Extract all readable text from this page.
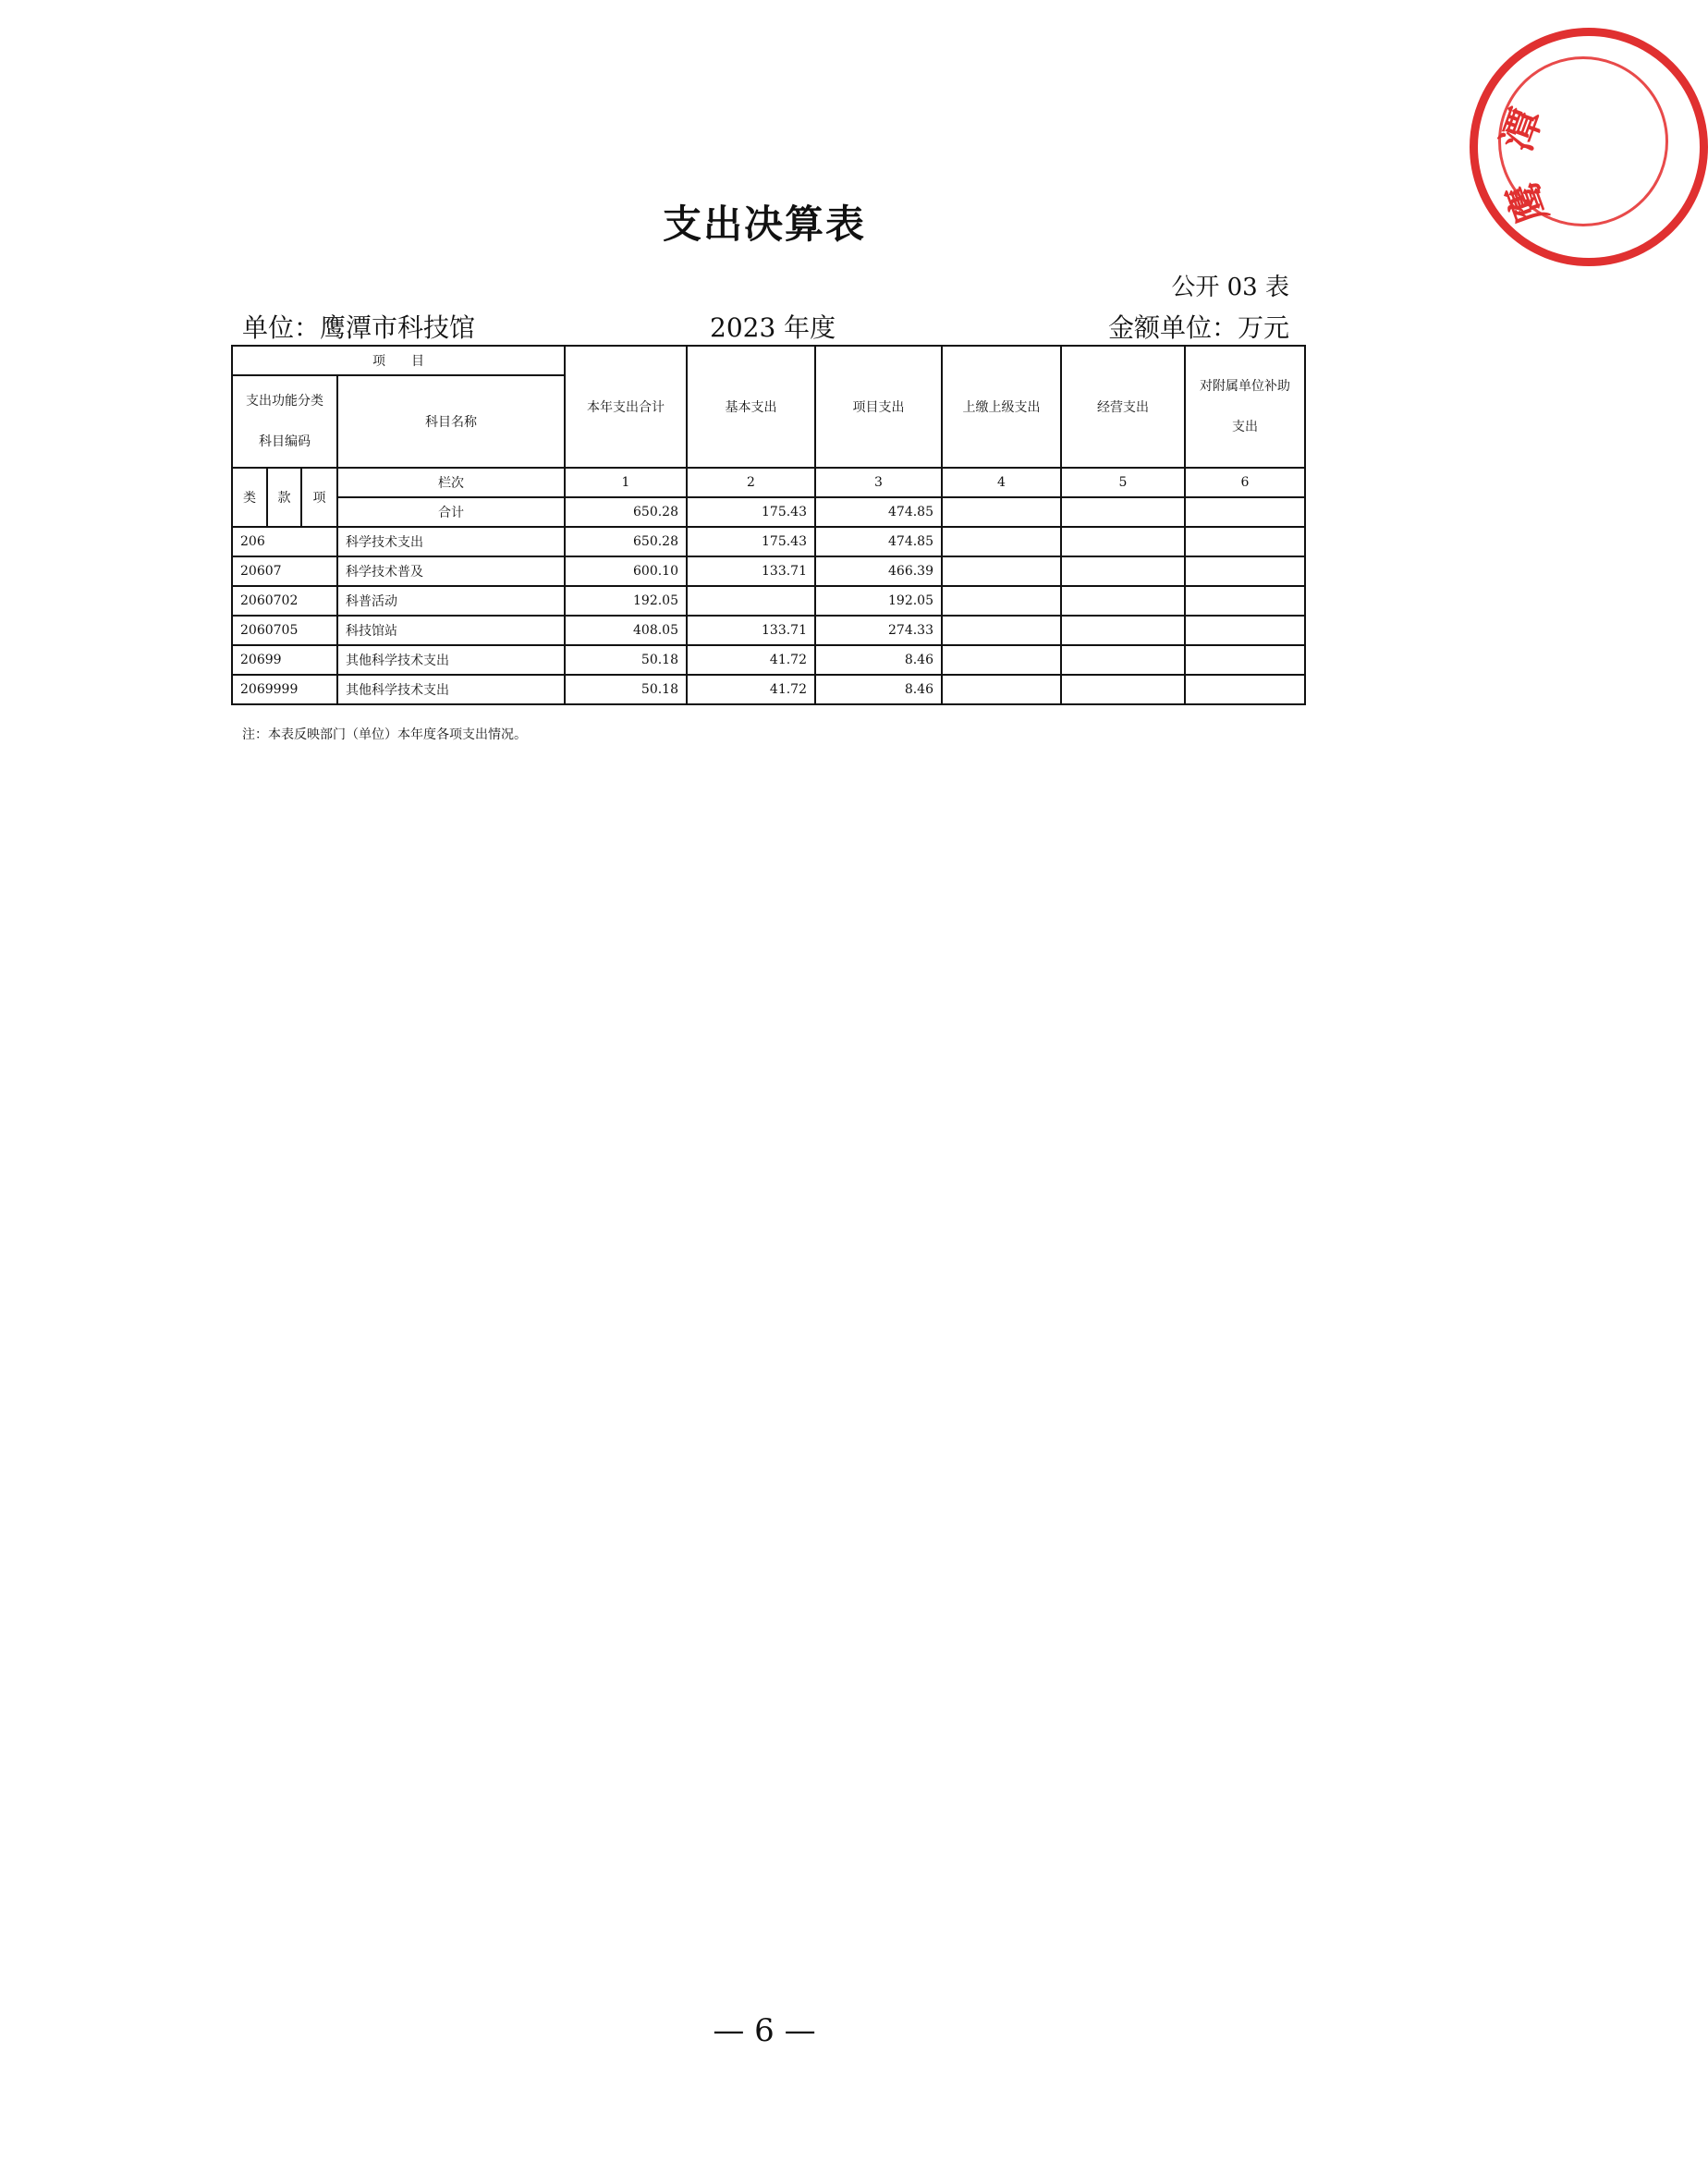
支出决算表
公开 03 表
单位：鹰潭市科技馆	2023 年度	金额单位：万元
项　　目				本年支出合计	基本支出	项目支出	上缴上级支出	经营支出	对附属单位补助支出

支出功能分类
科目编码			科目名称						
类	款	项	栏次	1	2	3	4	5	6
			合计	650.28	175.43	474.85			
206			科学技术支出	650.28	175.43	474.85			
20607			科学技术普及	600.10	133.71	466.39			
2060702			科普活动	192.05		192.05			
2060705			科技馆站	408.05	133.71	274.33			
20699			其他科学技术支出	50.18	41.72	8.46			
2069999			其他科学技术支出	50.18	41.72	8.46			
注：本表反映部门（单位）本年度各项支出情况。
— 6 —
潭
鹰
